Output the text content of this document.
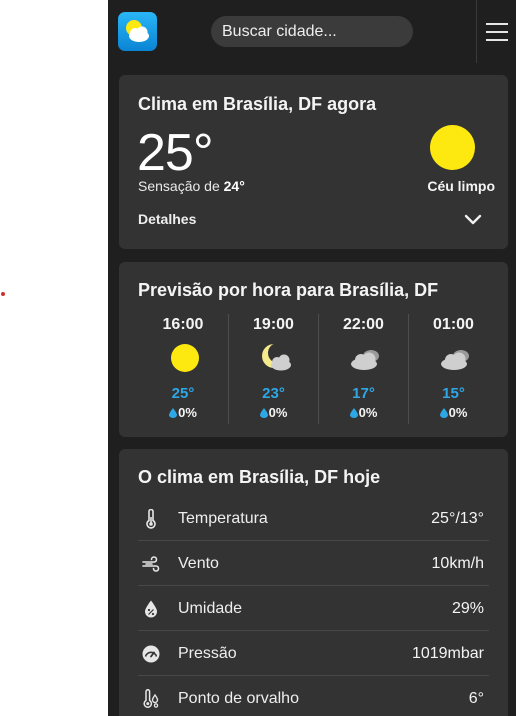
Buscar cidade...
Clima em Brasília, DF agora
25°
Sensação de 24°	Céu limpo
Detalhes
Previsão por hora para Brasília, DF
16:00
25°
0%
19:00
23°
0%
22:00
17°
0%
01:00
15°
0%
O clima em Brasília, DF hoje
Temperatura	25°/13°
Vento	10km/h
Umidade	29%
Pressão	1019mbar
Ponto de orvalho	6°
